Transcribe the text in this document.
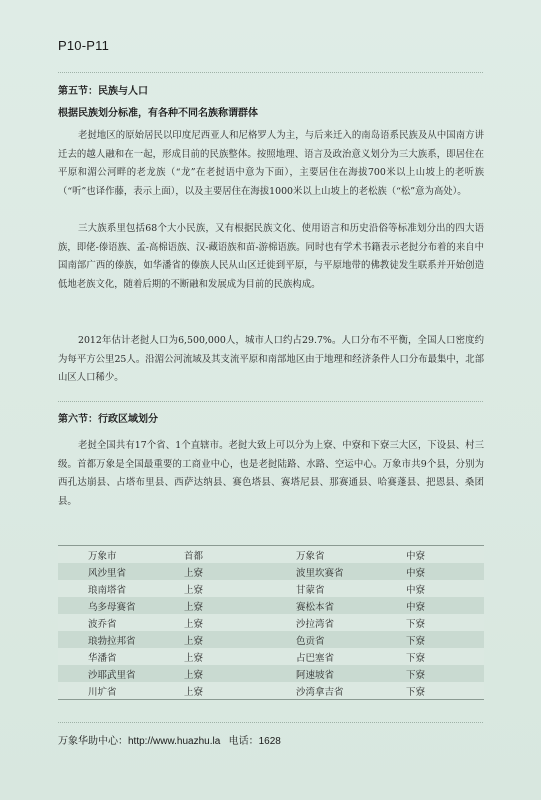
P10-P11
第五节：民族与人口
根据民族划分标准，有各种不同名族称谓群体

老挝地区的原始居民以印度尼西亚人和尼格罗人为主，与后来迁入的南岛语系民族及从中国南方讲迁去的越人融和在一起，形成目前的民族整体。按照地理、语言及政治意义划分为三大族系，即居住在平原和湄公河畔的老龙族（“龙”在老挝语中意为下面），主要居住在海拔700米以上山坡上的老听族（“听”也译作藤，表示上面），以及主要居住在海拔1000米以上山坡上的老松族（“松”意为高处）。

三大族系里包括68个大小民族，又有根据民族文化、使用语言和历史沿俗等标准划分出的四大语族，即佬-傣语族、孟-高棉语族、汉-藏语族和苗-游棉语族。同时也有学术书籍表示老挝分布着的来自中国南部广西的傣族，如华潘省的傣族人民从山区迁徙到平原，与平原地带的佛教徒发生联系并开始创造低地老族文化，随着后期的不断融和发展成为目前的民族构成。

2012年估计老挝人口为6,500,000人，城市人口约占29.7%。人口分布不平衡，全国人口密度约为每平方公里25人。沿湄公河流域及其支流平原和南部地区由于地理和经济条件人口分布最集中，北部山区人口稀少。

第六节：行政区域划分

老挝全国共有17个省、1个直辖市。老挝大致上可以分为上寮、中寮和下寮三大区，下设县、村三级。首都万象是全国最重要的工商业中心，也是老挝陆路、水路、空运中心。万象市共9个县，分别为西孔达崩县、占塔布里县、西萨达纳县、赛色塔县、赛塔尼县、那赛通县、哈赛蓬县、把恩县、桑团县。

万象市	首都	万象省	中寮
风沙里省	上寮	波里坎赛省	中寮
琅南塔省	上寮	甘蒙省	中寮
乌多母赛省	上寮	赛松本省	中寮
波乔省	上寮	沙拉湾省	下寮
琅勃拉邦省	上寮	色贡省	下寮
华潘省	上寮	占巴塞省	下寮
沙耶武里省	上寮	阿速坡省	下寮
川圹省	上寮	沙湾拿吉省	下寮
万象华助中心：http://www.huazhu.la 电话：1628
